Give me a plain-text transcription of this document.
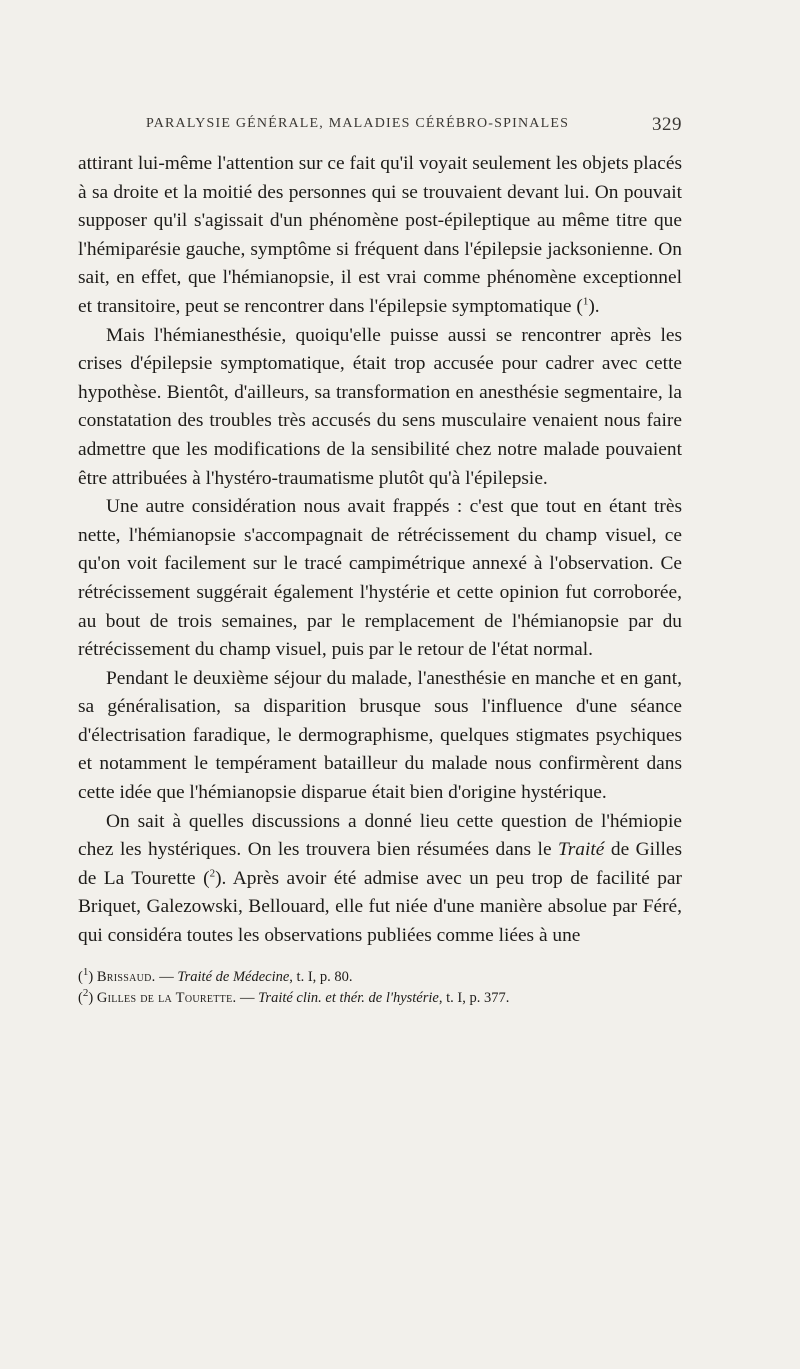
PARALYSIE GÉNÉRALE, MALADIES CÉRÉBRO-SPINALES	329

attirant lui-même l'attention sur ce fait qu'il voyait seulement les objets placés à sa droite et la moitié des personnes qui se trouvaient devant lui. On pouvait supposer qu'il s'agissait d'un phénomène post-épileptique au même titre que l'hémiparésie gauche, symptôme si fréquent dans l'épilepsie jacksonienne. On sait, en effet, que l'hémianopsie, il est vrai comme phénomène exceptionnel et transitoire, peut se rencontrer dans l'épilepsie symptomatique ($^1$).

Mais l'hémianesthésie, quoiqu'elle puisse aussi se rencontrer après les crises d'épilepsie symptomatique, était trop accusée pour cadrer avec cette hypothèse. Bientôt, d'ailleurs, sa transformation en anesthésie segmentaire, la constatation des troubles très accusés du sens musculaire venaient nous faire admettre que les modifications de la sensibilité chez notre malade pouvaient être attribuées à l'hystéro-traumatisme plutôt qu'à l'épilepsie.

Une autre considération nous avait frappés : c'est que tout en étant très nette, l'hémianopsie s'accompagnait de rétrécissement du champ visuel, ce qu'on voit facilement sur le tracé campimétrique annexé à l'observation. Ce rétrécissement suggérait également l'hystérie et cette opinion fut corroborée, au bout de trois semaines, par le remplacement de l'hémianopsie par du rétrécissement du champ visuel, puis par le retour de l'état normal.

Pendant le deuxième séjour du malade, l'anesthésie en manche et en gant, sa généralisation, sa disparition brusque sous l'influence d'une séance d'électrisation faradique, le dermographisme, quelques stigmates psychiques et notamment le tempérament batailleur du malade nous confirmèrent dans cette idée que l'hémianopsie disparue était bien d'origine hystérique.

On sait à quelles discussions a donné lieu cette question de l'hémiopie chez les hystériques. On les trouvera bien résumées dans le Traité de Gilles de La Tourette ($^2$). Après avoir été admise avec un peu trop de facilité par Briquet, Galezowski, Bellouard, elle fut niée d'une manière absolue par Féré, qui considéra toutes les observations publiées comme liées à une

($^1$) Brissaud. — Traité de Médecine, t. I, p. 80.
($^2$) Gilles de la Tourette. — Traité clin. et thér. de l'hystérie, t. I, p. 377.
